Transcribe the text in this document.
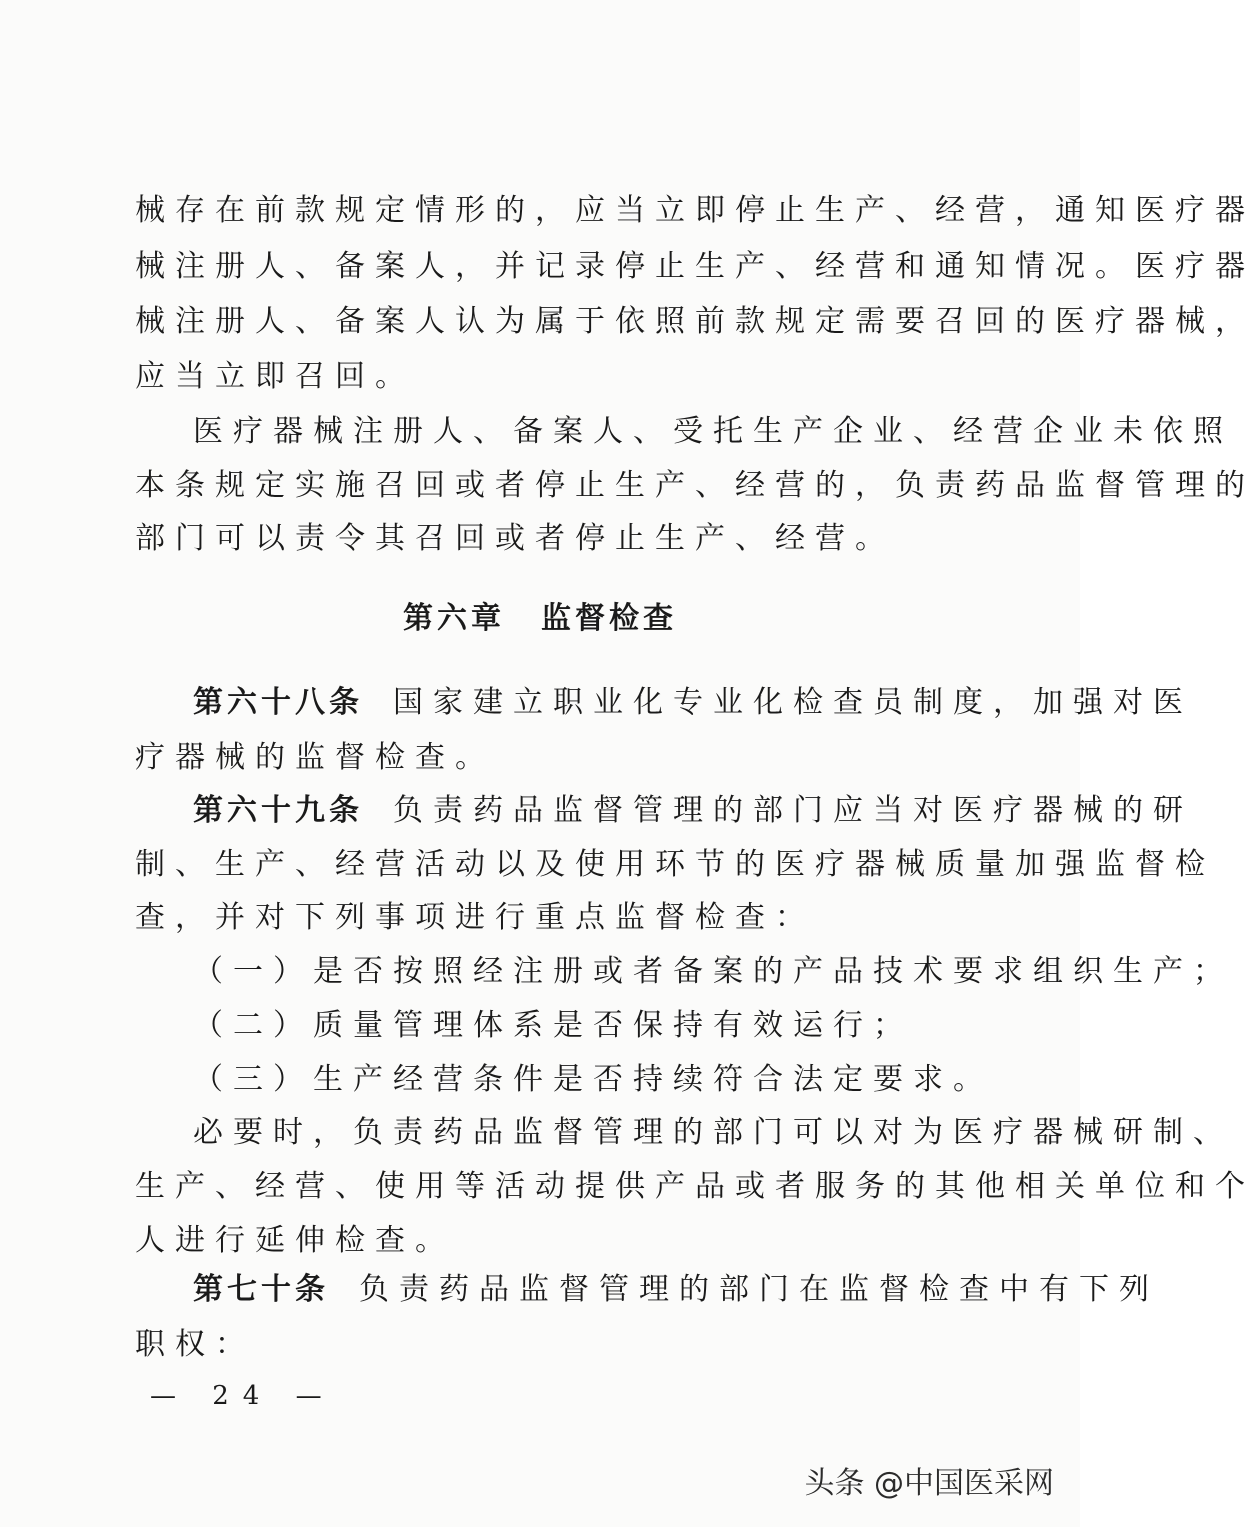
械存在前款规定情形的，应当立即停止生产、经营，通知医疗器
械注册人、备案人，并记录停止生产、经营和通知情况。医疗器
械注册人、备案人认为属于依照前款规定需要召回的医疗器械，
应当立即召回。
医疗器械注册人、备案人、受托生产企业、经营企业未依照
本条规定实施召回或者停止生产、经营的，负责药品监督管理的
部门可以责令其召回或者停止生产、经营。
第六章 监督检查
第六十八条 国家建立职业化专业化检查员制度，加强对医
疗器械的监督检查。
第六十九条 负责药品监督管理的部门应当对医疗器械的研
制、生产、经营活动以及使用环节的医疗器械质量加强监督检
查，并对下列事项进行重点监督检查：
（一）是否按照经注册或者备案的产品技术要求组织生产；
（二）质量管理体系是否保持有效运行；
（三）生产经营条件是否持续符合法定要求。
必要时，负责药品监督管理的部门可以对为医疗器械研制、
生产、经营、使用等活动提供产品或者服务的其他相关单位和个
人进行延伸检查。
第七十条 负责药品监督管理的部门在监督检查中有下列
职权：
— 24 —
头条 @中国医采网
